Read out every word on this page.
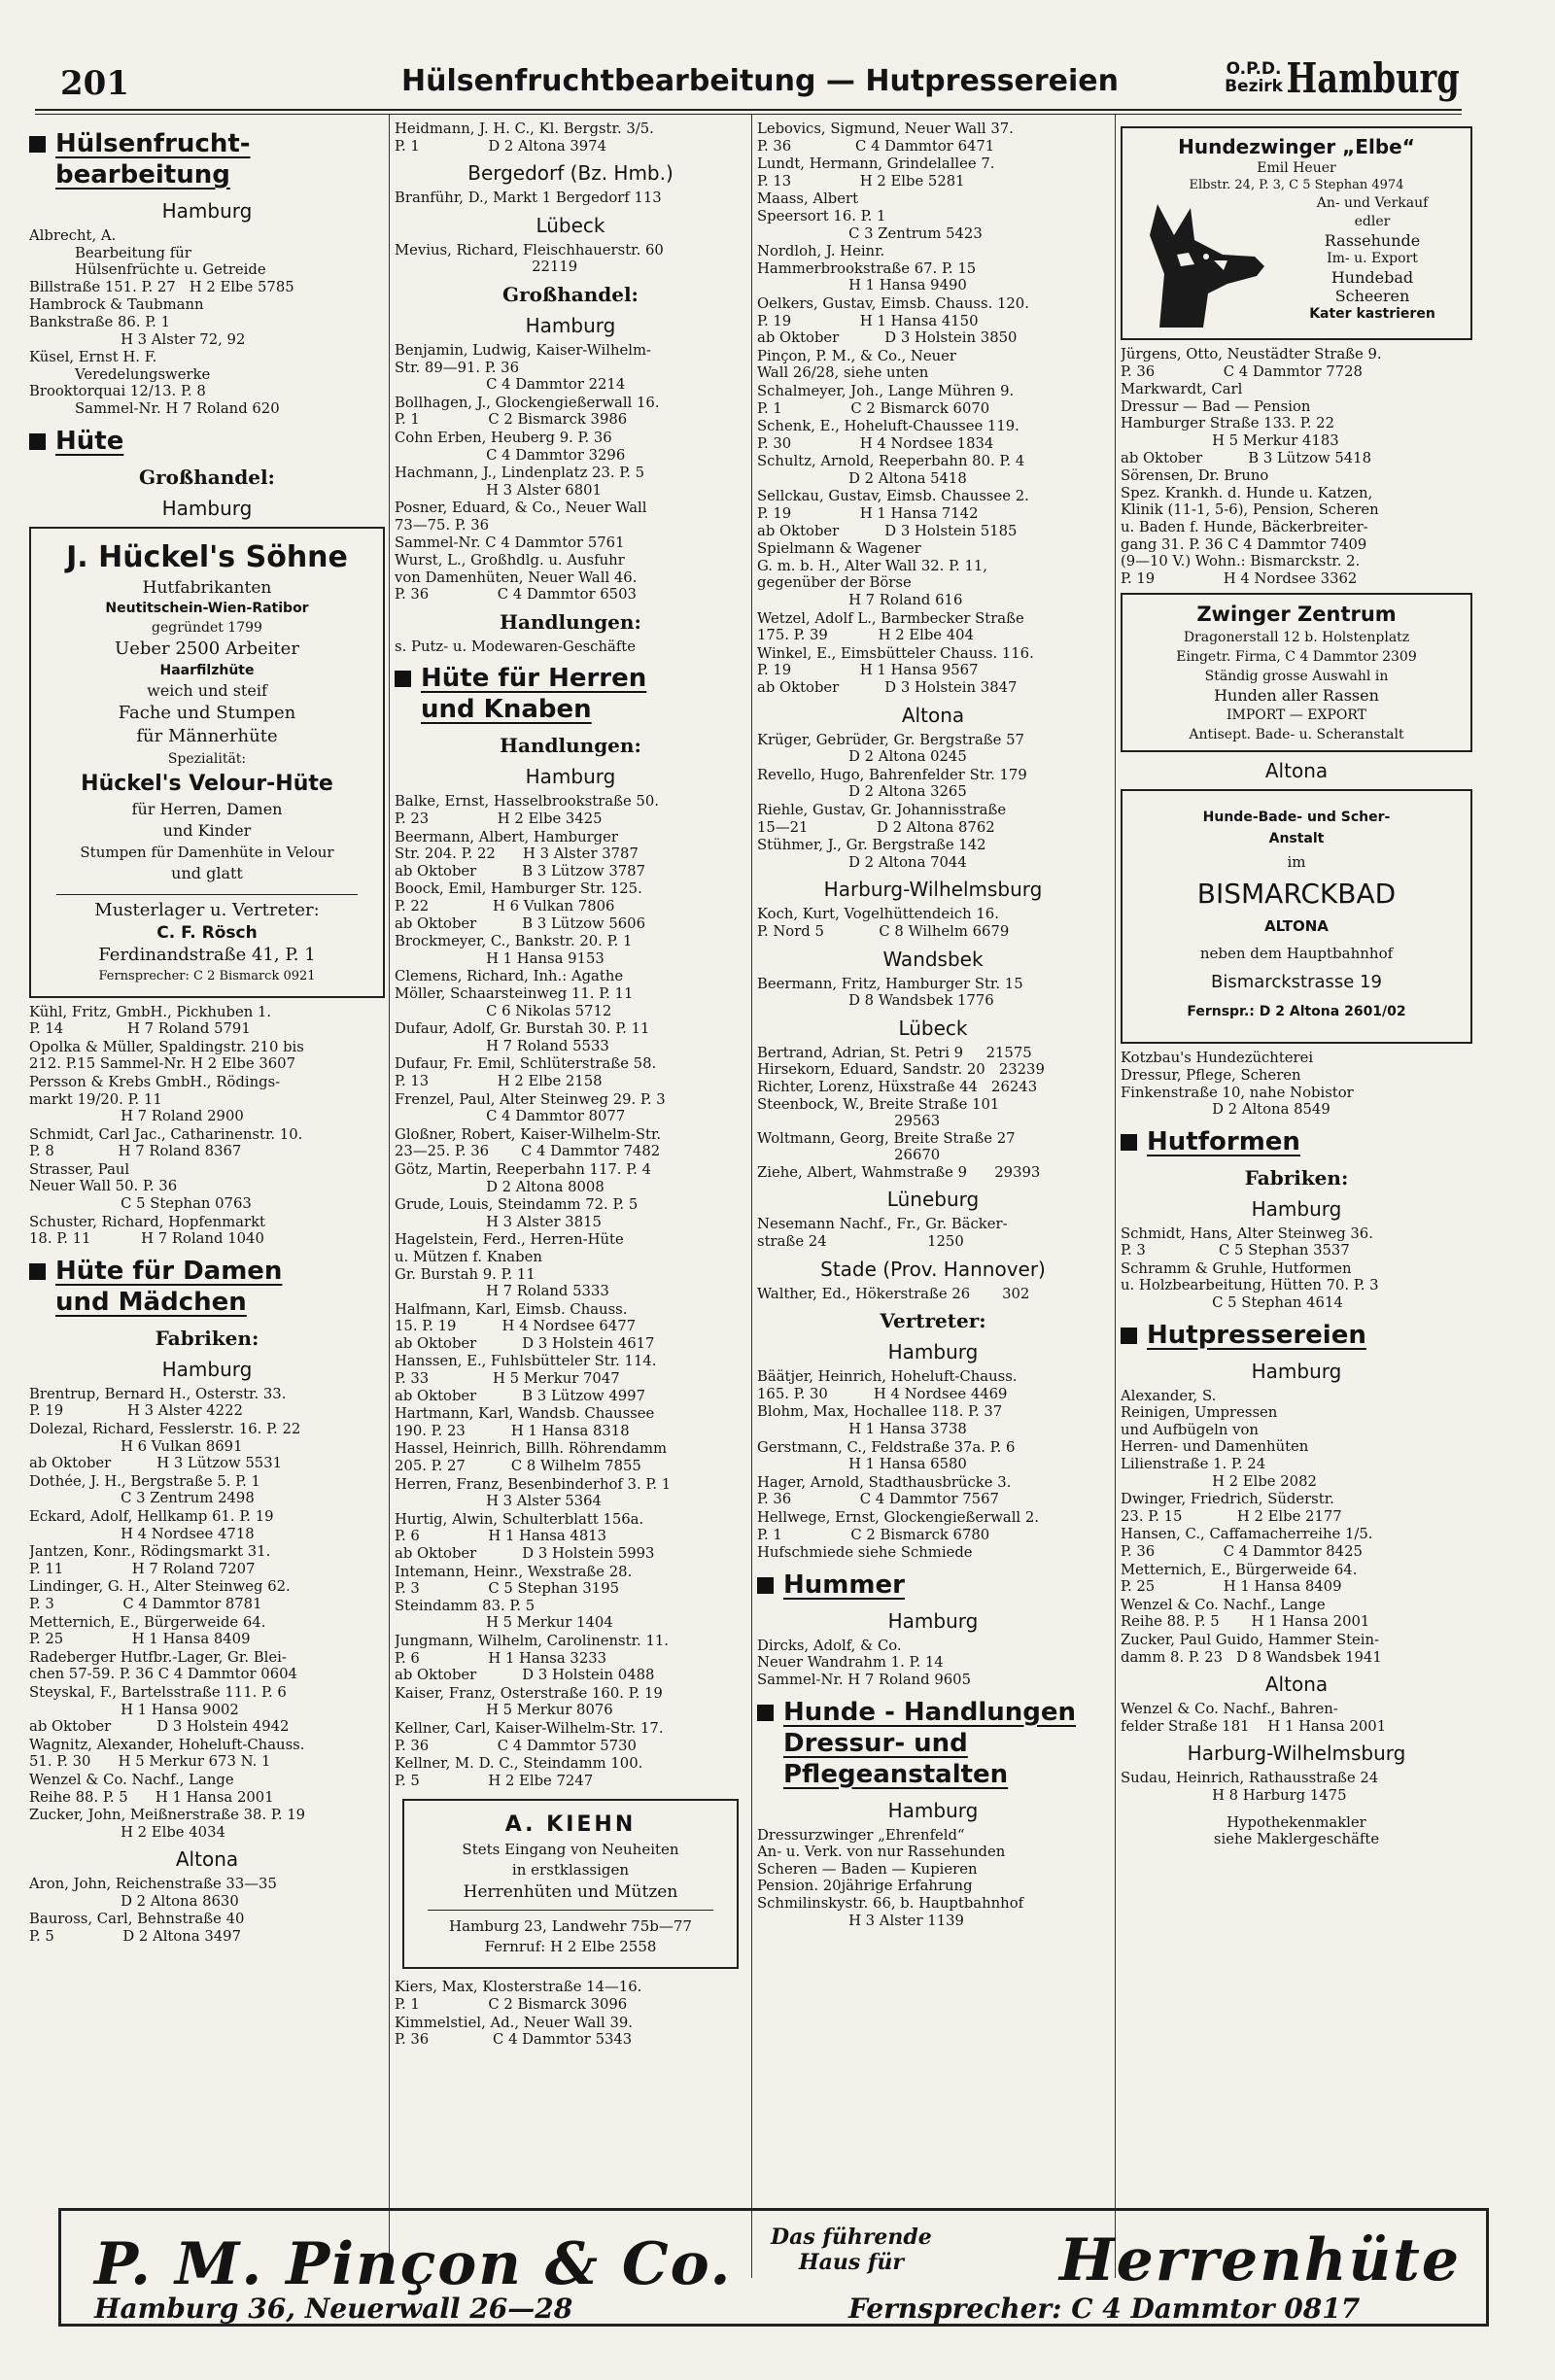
201	Hülsenfruchtbearbeitung — Hutpressereien	O.P.D.
Bezirk Hamburg
Hülsenfrucht-
bearbeitung
Hamburg
Albrecht, A.
Bearbeitung für
Hülsenfrüchte u. Getreide
Billstraße 151. P. 27   H 2 Elbe 5785
Hambrock & Taubmann
Bankstraße 86. P. 1
H 3 Alster 72, 92
Küsel, Ernst H. F.
Veredelungswerke
Brooktorquai 12/13. P. 8
Sammel-Nr. H 7 Roland 620
Hüte
Großhandel:
Hamburg
J. Hückel's Söhne
Hutfabrikanten
Neutitschein-Wien-Ratibor
gegründet 1799
Ueber 2500 Arbeiter
Haarfilzhüte
weich und steif
Fache und Stumpen
für Männerhüte
Spezialität:
Hückel's Velour-Hüte
für Herren, Damen
und Kinder
Stumpen für Damenhüte in Velour
und glatt
Musterlager u. Vertreter:
C. F. Rösch
Ferdinandstraße 41, P. 1
Fernsprecher: C 2 Bismarck 0921
Kühl, Fritz, GmbH., Pickhuben 1.
P. 14              H 7 Roland 5791
Opolka & Müller, Spaldingstr. 210 bis
212. P.15 Sammel-Nr. H 2 Elbe 3607
Persson & Krebs GmbH., Rödings-
markt 19/20. P. 11
H 7 Roland 2900
Schmidt, Carl Jac., Catharinenstr. 10.
P. 8              H 7 Roland 8367
Strasser, Paul
Neuer Wall 50. P. 36
C 5 Stephan 0763
Schuster, Richard, Hopfenmarkt
18. P. 11           H 7 Roland 1040
Hüte für Damen
und Mädchen
Fabriken:
Hamburg
Brentrup, Bernard H., Osterstr. 33.
P. 19              H 3 Alster 4222
Dolezal, Richard, Fesslerstr. 16. P. 22
H 6 Vulkan 8691
ab Oktober          H 3 Lützow 5531
Dothée, J. H., Bergstraße 5. P. 1
C 3 Zentrum 2498
Eckard, Adolf, Hellkamp 61. P. 19
H 4 Nordsee 4718
Jantzen, Konr., Rödingsmarkt 31.
P. 11               H 7 Roland 7207
Lindinger, G. H., Alter Steinweg 62.
P. 3               C 4 Dammtor 8781
Metternich, E., Bürgerweide 64.
P. 25               H 1 Hansa 8409
Radeberger Hutfbr.-Lager, Gr. Blei-
chen 57-59. P. 36 C 4 Dammtor 0604
Steyskal, F., Bartelsstraße 111. P. 6
H 1 Hansa 9002
ab Oktober          D 3 Holstein 4942
Wagnitz, Alexander, Hoheluft-Chauss.
51. P. 30      H 5 Merkur 673 N. 1
Wenzel & Co. Nachf., Lange
Reihe 88. P. 5      H 1 Hansa 2001
Zucker, John, Meißnerstraße 38. P. 19
H 2 Elbe 4034
Altona
Aron, John, Reichenstraße 33—35
D 2 Altona 8630
Bauross, Carl, Behnstraße 40
P. 5               D 2 Altona 3497
Heidmann, J. H. C., Kl. Bergstr. 3/5.
P. 1               D 2 Altona 3974
Bergedorf (Bz. Hmb.)
Branführ, D., Markt 1 Bergedorf 113
Lübeck
Mevius, Richard, Fleischhauerstr. 60
22119
Großhandel:
Hamburg
Benjamin, Ludwig, Kaiser-Wilhelm-
Str. 89—91. P. 36
C 4 Dammtor 2214
Bollhagen, J., Glockengießerwall 16.
P. 1               C 2 Bismarck 3986
Cohn Erben, Heuberg 9. P. 36
C 4 Dammtor 3296
Hachmann, J., Lindenplatz 23. P. 5
H 3 Alster 6801
Posner, Eduard, & Co., Neuer Wall
73—75. P. 36
Sammel-Nr. C 4 Dammtor 5761
Wurst, L., Großhdlg. u. Ausfuhr
von Damenhüten, Neuer Wall 46.
P. 36               C 4 Dammtor 6503
Handlungen:
s. Putz- u. Modewaren-Geschäfte
Hüte für Herren
und Knaben
Handlungen:
Hamburg
Balke, Ernst, Hasselbrookstraße 50.
P. 23               H 2 Elbe 3425
Beermann, Albert, Hamburger
Str. 204. P. 22      H 3 Alster 3787
ab Oktober          B 3 Lützow 3787
Boock, Emil, Hamburger Str. 125.
P. 22              H 6 Vulkan 7806
ab Oktober          B 3 Lützow 5606
Brockmeyer, C., Bankstr. 20. P. 1
H 1 Hansa 9153
Clemens, Richard, Inh.: Agathe
Möller, Schaarsteinweg 11. P. 11
C 6 Nikolas 5712
Dufaur, Adolf, Gr. Burstah 30. P. 11
H 7 Roland 5533
Dufaur, Fr. Emil, Schlüterstraße 58.
P. 13               H 2 Elbe 2158
Frenzel, Paul, Alter Steinweg 29. P. 3
C 4 Dammtor 8077
Gloßner, Robert, Kaiser-Wilhelm-Str.
23—25. P. 36       C 4 Dammtor 7482
Götz, Martin, Reeperbahn 117. P. 4
D 2 Altona 8008
Grude, Louis, Steindamm 72. P. 5
H 3 Alster 3815
Hagelstein, Ferd., Herren-Hüte
u. Mützen f. Knaben
Gr. Burstah 9. P. 11
H 7 Roland 5333
Halfmann, Karl, Eimsb. Chauss.
15. P. 19          H 4 Nordsee 6477
ab Oktober          D 3 Holstein 4617
Hanssen, E., Fuhlsbütteler Str. 114.
P. 33              H 5 Merkur 7047
ab Oktober          B 3 Lützow 4997
Hartmann, Karl, Wandsb. Chaussee
190. P. 23          H 1 Hansa 8318
Hassel, Heinrich, Billh. Röhrendamm
205. P. 27          C 8 Wilhelm 7855
Herren, Franz, Besenbinderhof 3. P. 1
H 3 Alster 5364
Hurtig, Alwin, Schulterblatt 156a.
P. 6               H 1 Hansa 4813
ab Oktober          D 3 Holstein 5993
Intemann, Heinr., Wexstraße 28.
P. 3               C 5 Stephan 3195
Steindamm 83. P. 5
H 5 Merkur 1404
Jungmann, Wilhelm, Carolinenstr. 11.
P. 6               H 1 Hansa 3233
ab Oktober          D 3 Holstein 0488
Kaiser, Franz, Osterstraße 160. P. 19
H 5 Merkur 8076
Kellner, Carl, Kaiser-Wilhelm-Str. 17.
P. 36               C 4 Dammtor 5730
Kellner, M. D. C., Steindamm 100.
P. 5               H 2 Elbe 7247
A. KIEHN
Stets Eingang von Neuheiten
in erstklassigen
Herrenhüten und Mützen
Hamburg 23, Landwehr 75b—77
Fernruf: H 2 Elbe 2558
Kiers, Max, Klosterstraße 14—16.
P. 1               C 2 Bismarck 3096
Kimmelstiel, Ad., Neuer Wall 39.
P. 36              C 4 Dammtor 5343
Lebovics, Sigmund, Neuer Wall 37.
P. 36              C 4 Dammtor 6471
Lundt, Hermann, Grindelallee 7.
P. 13               H 2 Elbe 5281
Maass, Albert
Speersort 16. P. 1
C 3 Zentrum 5423
Nordloh, J. Heinr.
Hammerbrookstraße 67. P. 15
H 1 Hansa 9490
Oelkers, Gustav, Eimsb. Chauss. 120.
P. 19               H 1 Hansa 4150
ab Oktober          D 3 Holstein 3850
Pinçon, P. M., & Co., Neuer
Wall 26/28, siehe unten
Schalmeyer, Joh., Lange Mühren 9.
P. 1               C 2 Bismarck 6070
Schenk, E., Hoheluft-Chaussee 119.
P. 30               H 4 Nordsee 1834
Schultz, Arnold, Reeperbahn 80. P. 4
D 2 Altona 5418
Sellckau, Gustav, Eimsb. Chaussee 2.
P. 19               H 1 Hansa 7142
ab Oktober          D 3 Holstein 5185
Spielmann & Wagener
G. m. b. H., Alter Wall 32. P. 11,
gegenüber der Börse
H 7 Roland 616
Wetzel, Adolf L., Barmbecker Straße
175. P. 39           H 2 Elbe 404
Winkel, E., Eimsbütteler Chauss. 116.
P. 19               H 1 Hansa 9567
ab Oktober          D 3 Holstein 3847
Altona
Krüger, Gebrüder, Gr. Bergstraße 57
D 2 Altona 0245
Revello, Hugo, Bahrenfelder Str. 179
D 2 Altona 3265
Riehle, Gustav, Gr. Johannisstraße
15—21               D 2 Altona 8762
Stühmer, J., Gr. Bergstraße 142
D 2 Altona 7044
Harburg-Wilhelmsburg
Koch, Kurt, Vogelhüttendeich 16.
P. Nord 5            C 8 Wilhelm 6679
Wandsbek
Beermann, Fritz, Hamburger Str. 15
D 8 Wandsbek 1776
Lübeck
Bertrand, Adrian, St. Petri 9     21575
Hirsekorn, Eduard, Sandstr. 20   23239
Richter, Lorenz, Hüxstraße 44   26243
Steenbock, W., Breite Straße 101
29563
Woltmann, Georg, Breite Straße 27
26670
Ziehe, Albert, Wahmstraße 9      29393
Lüneburg
Nesemann Nachf., Fr., Gr. Bäcker-
straße 24                      1250
Stade (Prov. Hannover)
Walther, Ed., Hökerstraße 26       302
Vertreter:
Hamburg
Bäätjer, Heinrich, Hoheluft-Chauss.
165. P. 30          H 4 Nordsee 4469
Blohm, Max, Hochallee 118. P. 37
H 1 Hansa 3738
Gerstmann, C., Feldstraße 37a. P. 6
H 1 Hansa 6580
Hager, Arnold, Stadthausbrücke 3.
P. 36               C 4 Dammtor 7567
Hellwege, Ernst, Glockengießerwall 2.
P. 1               C 2 Bismarck 6780
Hufschmiede siehe Schmiede
Hummer
Hamburg
Dircks, Adolf, & Co.
Neuer Wandrahm 1. P. 14
Sammel-Nr. H 7 Roland 9605
Hunde - Handlungen
Dressur- und
Pflegeanstalten
Hamburg
Dressurzwinger „Ehrenfeld“
An- u. Verk. von nur Rassehunden
Scheren — Baden — Kupieren
Pension. 20jährige Erfahrung
Schmilinskystr. 66, b. Hauptbahnhof
H 3 Alster 1139
Hundezwinger „Elbe“
Emil Heuer
Elbstr. 24, P. 3, C 5 Stephan 4974
An- und Verkauf
edler
Rassehunde
Im- u. Export
Hundebad
Scheeren
Kater kastrieren
Jürgens, Otto, Neustädter Straße 9.
P. 36               C 4 Dammtor 7728
Markwardt, Carl
Dressur — Bad — Pension
Hamburger Straße 133. P. 22
H 5 Merkur 4183
ab Oktober          B 3 Lützow 5418
Sörensen, Dr. Bruno
Spez. Krankh. d. Hunde u. Katzen,
Klinik (11-1, 5-6), Pension, Scheren
u. Baden f. Hunde, Bäckerbreiter-
gang 31. P. 36 C 4 Dammtor 7409
(9—10 V.) Wohn.: Bismarckstr. 2.
P. 19               H 4 Nordsee 3362
Zwinger Zentrum
Dragonerstall 12 b. Holstenplatz
Eingetr. Firma, C 4 Dammtor 2309
Ständig grosse Auswahl in
Hunden aller Rassen
IMPORT — EXPORT
Antisept. Bade- u. Scheranstalt
Altona
Hunde-Bade- und Scher-
Anstalt
im
BISMARCKBAD
ALTONA
neben dem Hauptbahnhof
Bismarckstrasse 19
Fernspr.: D 2 Altona 2601/02
Kotzbau's Hundezüchterei
Dressur, Pflege, Scheren
Finkenstraße 10, nahe Nobistor
D 2 Altona 8549
Hutformen
Fabriken:
Hamburg
Schmidt, Hans, Alter Steinweg 36.
P. 3                C 5 Stephan 3537
Schramm & Gruhle, Hutformen
u. Holzbearbeitung, Hütten 70. P. 3
C 5 Stephan 4614
Hutpressereien
Hamburg
Alexander, S.
Reinigen, Umpressen
und Aufbügeln von
Herren- und Damenhüten
Lilienstraße 1. P. 24
H 2 Elbe 2082
Dwinger, Friedrich, Süderstr.
23. P. 15            H 2 Elbe 2177
Hansen, C., Caffamacherreihe 1/5.
P. 36               C 4 Dammtor 8425
Metternich, E., Bürgerweide 64.
P. 25               H 1 Hansa 8409
Wenzel & Co. Nachf., Lange
Reihe 88. P. 5       H 1 Hansa 2001
Zucker, Paul Guido, Hammer Stein-
damm 8. P. 23   D 8 Wandsbek 1941
Altona
Wenzel & Co. Nachf., Bahren-
felder Straße 181    H 1 Hansa 2001
Harburg-Wilhelmsburg
Sudau, Heinrich, Rathausstraße 24
H 8 Harburg 1475
Hypothekenmakler
siehe Maklergeschäfte
P. M. Pinçon & Co. Das führende
Haus für	Herrenhüte
Hamburg 36, Neuerwall 26—28	Fernsprecher: C 4 Dammtor 0817
